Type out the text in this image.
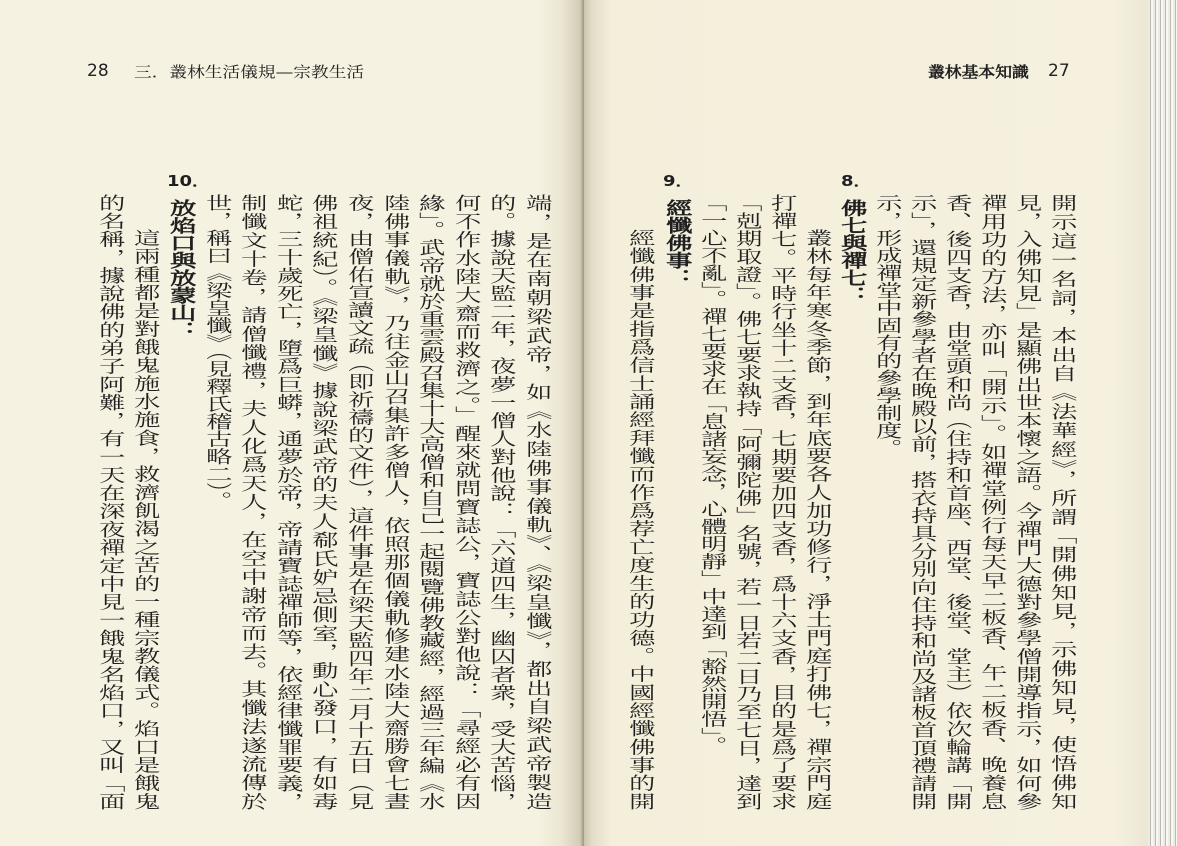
28 三．叢林生活儀規—宗教生活
端，是在南朝梁武帝，如《水陸佛事儀軌》、《梁皇懺》，都出自梁武帝製造
的。據說天監二年，夜夢一僧人對他說：「六道四生，幽囚者衆，受大苦惱，
何不作水陸大齋而救濟之。」醒來就問寶誌公，寶誌公對他說：「尋經必有因
緣」。武帝就於重雲殿召集十大高僧和自己一起閱覽佛教藏經，經過三年編《水
陸佛事儀軌》，乃往金山召集許多僧人，依照那個儀軌修建水陸大齋勝會七晝
夜，由僧佑宣讀文疏（即祈禱的文件），這件事是在梁天監四年二月十五日（見
佛祖統紀）。《梁皇懺》據說梁武帝的夫人郗氏妒忌側室，動心發口，有如毒
蛇，三十歲死亡，墮爲巨蟒，通夢於帝，帝請寶誌禪師等，依經律懺罪要義，
制懺文十卷，請僧懺禮，夫人化爲天人，在空中謝帝而去。其懺法遂流傳於
世，稱曰《梁皇懺》（見釋氏稽古略二）。
10．
放焰口與放蒙山：
這兩種都是對餓鬼施水施食，救濟飢渴之苦的一種宗教儀式。焰口是餓鬼
的名稱，據說佛的弟子阿難，有一天在深夜禪定中見一餓鬼名焰口，又叫「面
叢林基本知識 27
開示這一名詞，本出自《法華經》，所謂「開佛知見，示佛知見，使悟佛知
見，入佛知見」是顯佛出世本懷之語。今禪門大德對參學僧開導指示，如何參
禪用功的方法，亦叫「開示」。如禪堂例行每天早二板香、午二板香、晚養息
香、後四支香，由堂頭和尚（住持和首座、西堂、後堂、堂主）依次輪講「開
示」，還規定新參學者在晚殿以前，搭衣持具分別向住持和尚及諸板首頂禮請開
示，形成禪堂中固有的參學制度。
8．
佛七與禪七：
叢林每年寒冬季節，到年底要各人加功修行，淨土門庭打佛七，禪宗門庭
打禪七。平時行坐十二支香，七期要加四支香，爲十六支香，目的是爲了要求
「剋期取證」。佛七要求執持「阿彌陀佛」名號，若一日若二日乃至七日，達到
「一心不亂」。禪七要求在「息諸妄念，心體明靜」中達到「豁然開悟」。
9．
經懺佛事：
經懺佛事是指爲信士誦經拜懺而作爲荐亡度生的功德。中國經懺佛事的開
